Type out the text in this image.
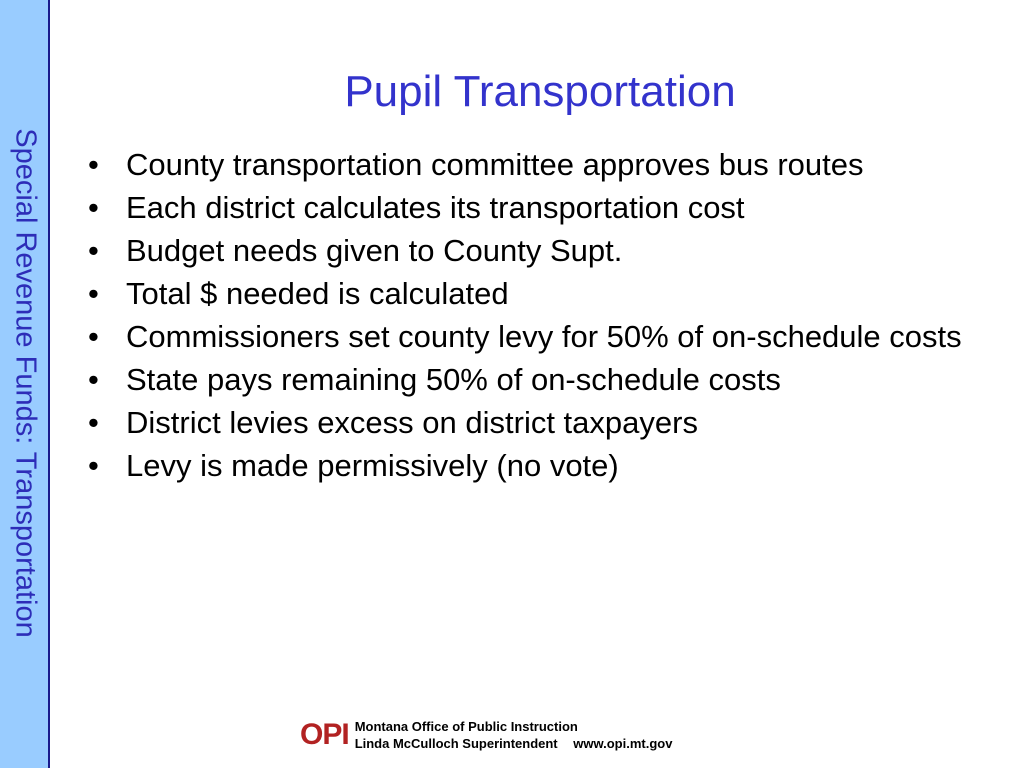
Special Revenue Funds: Transportation
Pupil Transportation
• County transportation committee approves bus routes
• Each district calculates its transportation cost
• Budget needs given to County Supt.
• Total $ needed is calculated
• Commissioners set county levy for 50% of on-schedule costs
• State pays remaining 50% of on-schedule costs
• District levies excess on district taxpayers
• Levy is made permissively (no vote)
OPI Montana Office of Public Instruction
Linda McCulloch Superintendent www.opi.mt.gov
